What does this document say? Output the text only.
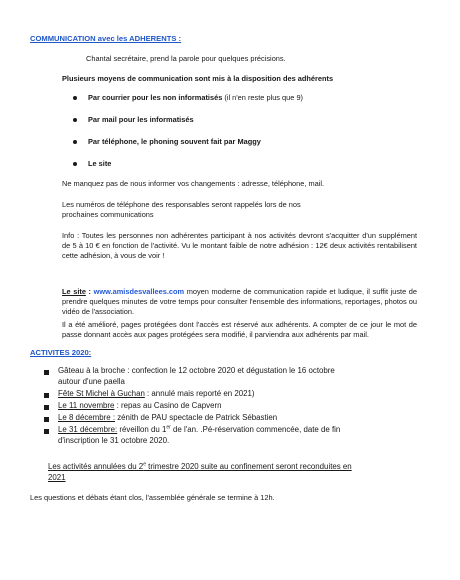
COMMUNICATION avec les ADHERENTS :
Chantal secrétaire, prend la parole pour quelques précisions.
Plusieurs moyens de communication sont mis à la disposition des adhérents
Par courrier pour les non informatisés (il n'en reste plus que 9)
Par mail pour les informatisés
Par téléphone, le phoning souvent fait par Maggy
Le site
Ne manquez pas de nous informer vos changements : adresse, téléphone, mail.
Les numéros de téléphone des responsables seront rappelés lors de nos
prochaines communications
Info : Toutes les personnes non adhérentes participant à nos activités devront s'acquitter d'un supplément de 5 à 10 € en fonction de l'activité. Vu le montant faible de notre adhésion : 12€ deux activités rentabilisent cette adhésion, à vous de voir !
Le site : www.amisdesvallees.com moyen moderne de communication rapide et ludique, il suffit juste de prendre quelques minutes de votre temps pour consulter l'ensemble des informations, reportages, photos ou vidéo de l'association.
Il a été amélioré, pages protégées dont l'accès est réservé aux adhérents. A compter de ce jour le mot de passe donnant accès aux pages protégées sera modifié, il parviendra aux adhérents par mail.
ACTIVITES 2020:
Gâteau à la broche : confection le 12 octobre 2020 et dégustation le 16 octobre
autour d'une paella
Fête St Michel à Guchan : annulé mais reporté en 2021)
Le 11 novembre : repas au Casino de Capvern
Le 8 décembre : zénith de PAU spectacle de Patrick Sébastien
Le 31 décembre: réveillon du 1er de l'an. .Pé-réservation commencée, date de fin
d'inscription le 31 octobre 2020.
Les activités annulées du 2e trimestre 2020 suite au confinement seront reconduites en
2021
Les questions et débats étant clos, l'assemblée générale se termine à 12h.
